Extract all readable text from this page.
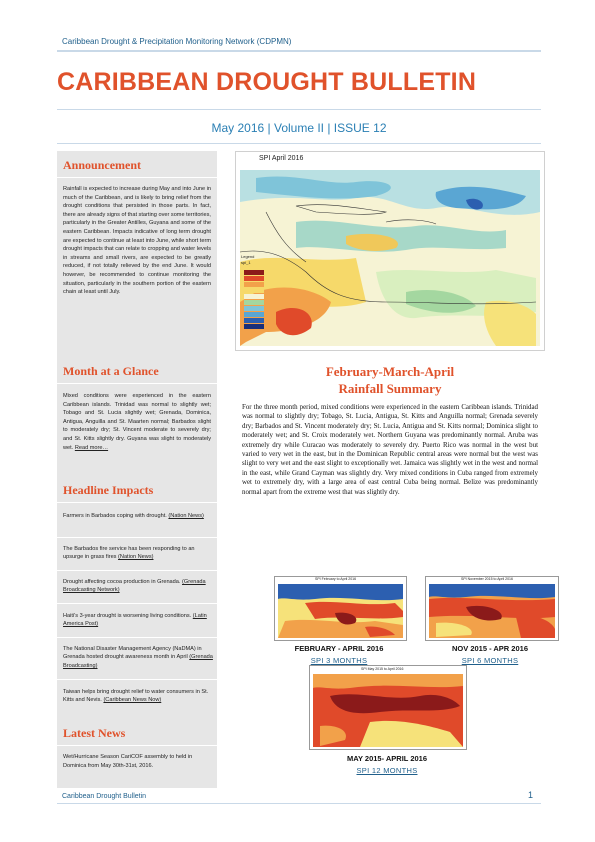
Caribbean Drought & Precipitation Monitoring Network (CDPMN)
CARIBBEAN DROUGHT BULLETIN
May 2016 | Volume II | ISSUE 12
Announcement
Rainfall is expected to increase during May and into June in much of the Caribbean, and is likely to bring relief from the drought conditions that persisted in those parts. In fact, there are already signs of that starting over some territories, particularly in the Greater Antilles, Guyana and some of the eastern Caribbean. Impacts indicative of long term drought are expected to continue at least into June, while short term drought impacts that can relate to cropping and water levels in streams and small rivers, are expected to be greatly reduced, if not totally relieved by the end June. It would however, be recommended to continue monitoring the situation, particularly in the southern portion of the eastern chain at least until July.
Month at a Glance
Mixed conditions were experienced in the eastern Caribbean islands. Trinidad was normal to slightly wet; Tobago and St. Lucia slightly wet; Grenada, Dominica, Antigua, Anguilla and St. Maarten normal; Barbados slight to moderately dry; St. Vincent moderate to severely dry; and St. Kitts slightly dry. Guyana was slight to moderately wet. Read more…
Headline Impacts
Farmers in Barbados coping with drought. (Nation News)
The Barbados fire service has been responding to an upsurge in grass fires (Nation News)
Drought affecting cocoa production in Grenada. (Grenada Broadcasting Network)
Haiti's 3-year drought is worsening living conditions. (Latin America Post)
The National Disaster Management Agency (NaDMA) in Grenada hosted drought awareness month in April (Grenada Broadcasting)
Taiwan helps bring drought relief to water consumers in St. Kitts and Nevis. (Caribbean News Now)
Latest News
Wet/Hurricane Season CariCOF assembly to held in Dominica from May 30th-31st, 2016.
SPI April 2016
Legend
spi_1
February-March-April
Rainfall Summary
For the three month period, mixed conditions were experienced in the eastern Caribbean islands. Trinidad was normal to slightly dry; Tobago, St. Lucia, Antigua, St. Kitts and Anguilla normal; Grenada severely dry; Barbados and St. Vincent moderately dry; St. Lucia, Antigua and St. Kitts normal; Dominica slight to moderately wet; and St. Croix moderately wet. Northern Guyana was predominantly normal. Aruba was extremely dry while Curacao was moderately to severely dry. Puerto Rico was normal in the west but varied to very wet in the east, but in the Dominican Republic central areas were normal but the west was slight to very wet and the east slight to exceptionally wet. Jamaica was slightly wet in the west and normal in the east, while Grand Cayman was slightly dry. Very mixed conditions in Cuba ranged from extremely wet to extremely dry, with a large area of east central Cuba being normal. Belize was predominantly normal apart from the extreme west that was slightly dry.
SPI February to April 2016
FEBRUARY - APRIL 2016
SPI 3 MONTHS
SPI November 2015 to April 2016
NOV 2015 - APR 2016
SPI 6 MONTHS
SPI May 2015 to April 2016
MAY 2015- APRIL 2016
SPI 12 MONTHS
Caribbean Drought Bulletin	1
